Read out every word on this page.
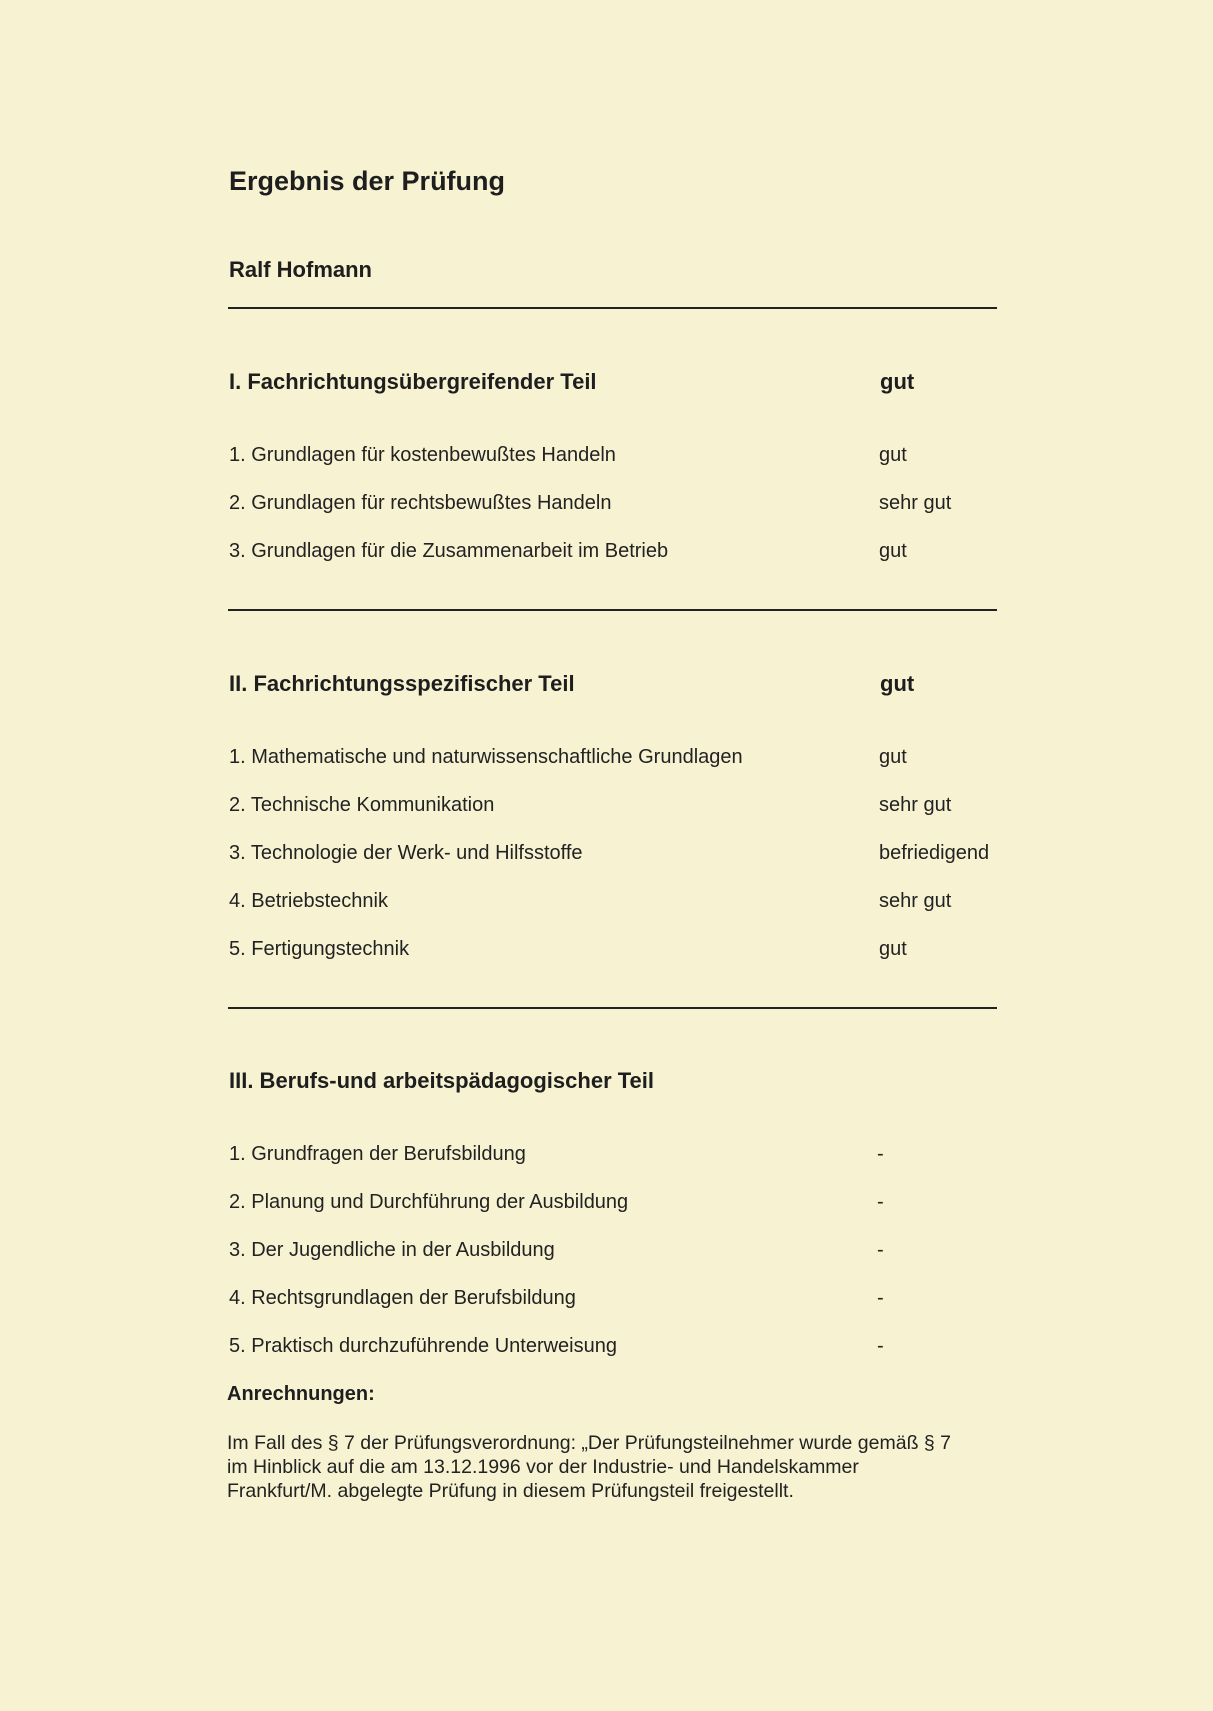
Ergebnis der Prüfung
Ralf Hofmann
I. Fachrichtungsübergreifender Teil	gut
1. Grundlagen für kostenbewußtes Handeln	gut
2. Grundlagen für rechtsbewußtes Handeln	sehr gut
3. Grundlagen für die Zusammenarbeit im Betrieb	gut
II. Fachrichtungsspezifischer Teil	gut
1. Mathematische und naturwissenschaftliche Grundlagen	gut
2. Technische Kommunikation	sehr gut
3. Technologie der Werk- und Hilfsstoffe	befriedigend
4. Betriebstechnik	sehr gut
5. Fertigungstechnik	gut
III. Berufs-und arbeitspädagogischer Teil
1. Grundfragen der Berufsbildung	-
2. Planung und Durchführung der Ausbildung	-
3. Der Jugendliche in der Ausbildung	-
4. Rechtsgrundlagen der Berufsbildung	-
5. Praktisch durchzuführende Unterweisung	-
Anrechnungen:
Im Fall des § 7 der Prüfungsverordnung: „Der Prüfungsteilnehmer wurde gemäß § 7
im Hinblick auf die am 13.12.1996 vor der Industrie- und Handelskammer
Frankfurt/M. abgelegte Prüfung in diesem Prüfungsteil freigestellt.
